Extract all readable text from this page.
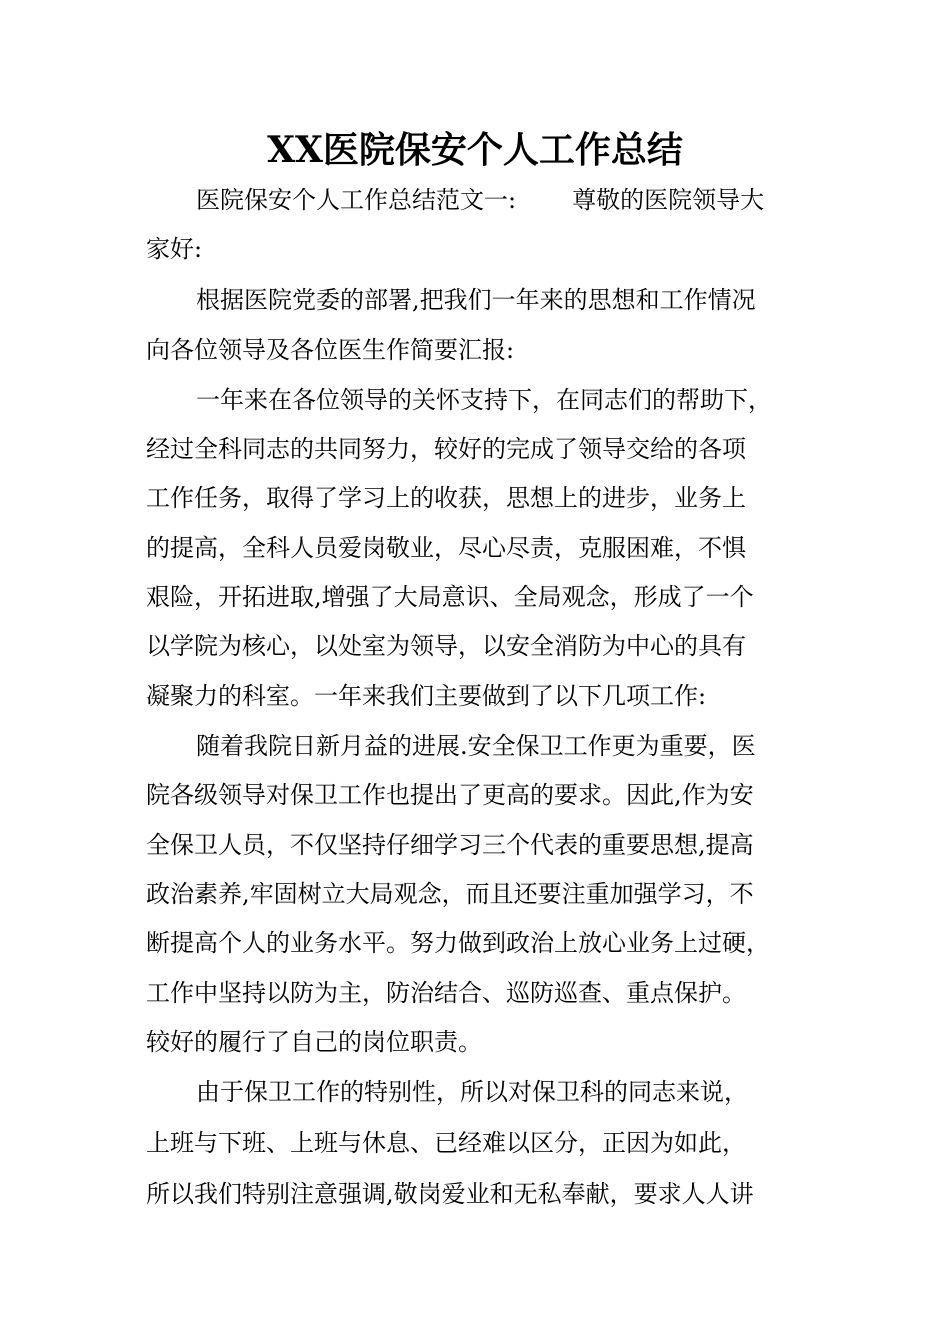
XX医院保安个人工作总结
医院保安个人工作总结范文一: 尊敬的医院领导大
家好:
根据医院党委的部署,把我们一年来的思想和工作情况
向各位领导及各位医生作简要汇报:
一年来在各位领导的关怀支持下，在同志们的帮助下，
经过全科同志的共同努力，较好的完成了领导交给的各项
工作任务，取得了学习上的收获，思想上的进步，业务上
的提高，全科人员爱岗敬业，尽心尽责，克服困难，不惧
艰险，开拓进取,增强了大局意识、全局观念，形成了一个
以学院为核心，以处室为领导，以安全消防为中心的具有
凝聚力的科室。一年来我们主要做到了以下几项工作:
随着我院日新月益的进展.安全保卫工作更为重要，医
院各级领导对保卫工作也提出了更高的要求。因此,作为安
全保卫人员，不仅坚持仔细学习三个代表的重要思想,提高
政治素养,牢固树立大局观念，而且还要注重加强学习，不
断提高个人的业务水平。努力做到政治上放心业务上过硬，
工作中坚持以防为主，防治结合、巡防巡查、重点保护。
较好的履行了自己的岗位职责。
由于保卫工作的特别性，所以对保卫科的同志来说，
上班与下班、上班与休息、已经难以区分，正因为如此，
所以我们特别注意强调,敬岗爱业和无私奉献，要求人人讲
